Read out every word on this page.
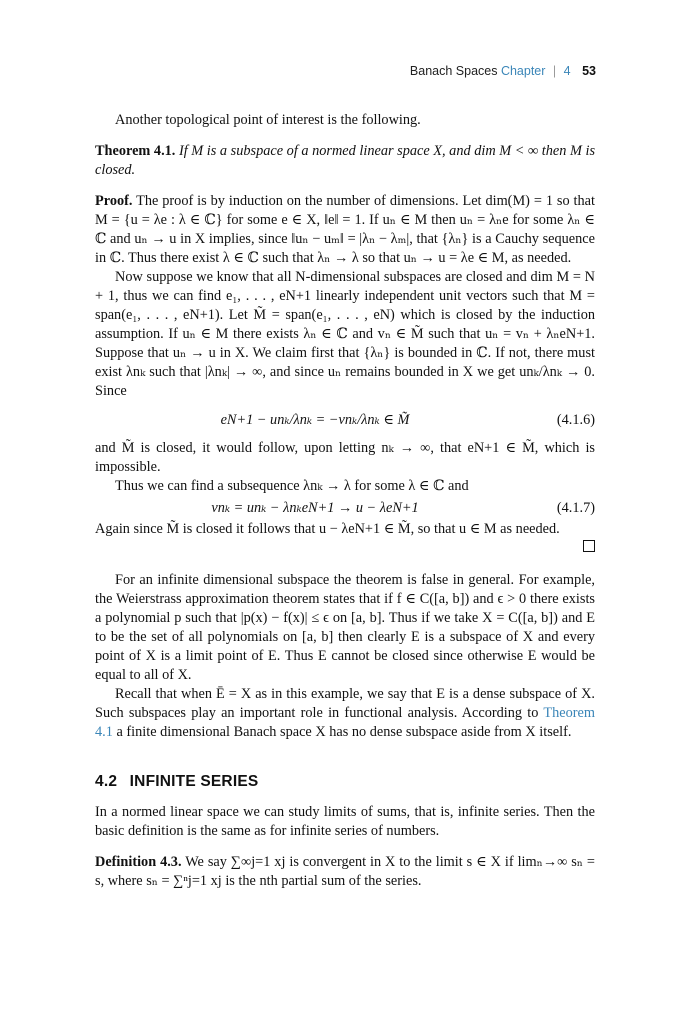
Banach Spaces Chapter | 4 53

Another topological point of interest is the following.

Theorem 4.1. If M is a subspace of a normed linear space X, and dim M < ∞ then M is closed.

Proof. The proof is by induction on the number of dimensions. Let dim(M) = 1 so that M = {u = λe : λ ∈ ℂ} for some e ∈ X, ‖e‖ = 1. If uₙ ∈ M then uₙ = λₙe for some λₙ ∈ ℂ and uₙ → u in X implies, since ‖uₙ − uₘ‖ = |λₙ − λₘ|, that {λₙ} is a Cauchy sequence in ℂ. Thus there exist λ ∈ ℂ such that λₙ → λ so that uₙ → u = λe ∈ M, as needed.

Now suppose we know that all N-dimensional subspaces are closed and dim M = N + 1, thus we can find e₁, . . . , eN+1 linearly independent unit vectors such that M = span(e₁, . . . , eN+1). Let M̃ = span(e₁, . . . , eN) which is closed by the induction assumption. If uₙ ∈ M there exists λₙ ∈ ℂ and vₙ ∈ M̃ such that uₙ = vₙ + λₙeN+1. Suppose that uₙ → u in X. We claim first that {λₙ} is bounded in ℂ. If not, there must exist λnₖ such that |λnₖ| → ∞, and since uₙ remains bounded in X we get unₖ/λnₖ → 0. Since

eN+1 − unₖ/λnₖ = −vnₖ/λnₖ ∈ M̃	(4.1.6)

and M̃ is closed, it would follow, upon letting nₖ → ∞, that eN+1 ∈ M̃, which is impossible.

Thus we can find a subsequence λnₖ → λ for some λ ∈ ℂ and

vnₖ = unₖ − λnₖeN+1 → u − λeN+1	(4.1.7)

Again since M̃ is closed it follows that u − λeN+1 ∈ M̃, so that u ∈ M as needed.

For an infinite dimensional subspace the theorem is false in general. For example, the Weierstrass approximation theorem states that if f ∈ C([a, b]) and ϵ > 0 there exists a polynomial p such that |p(x) − f(x)| ≤ ϵ on [a, b]. Thus if we take X = C([a, b]) and E to be the set of all polynomials on [a, b] then clearly E is a subspace of X and every point of X is a limit point of E. Thus E cannot be closed since otherwise E would be equal to all of X.

Recall that when Ē = X as in this example, we say that E is a dense subspace of X. Such subspaces play an important role in functional analysis. According to Theorem 4.1 a finite dimensional Banach space X has no dense subspace aside from X itself.

4.2 INFINITE SERIES

In a normed linear space we can study limits of sums, that is, infinite series. Then the basic definition is the same as for infinite series of numbers.

Definition 4.3. We say ∑∞j=1 xj is convergent in X to the limit s ∈ X if limₙ→∞ sₙ = s, where sₙ = ∑ⁿj=1 xj is the nth partial sum of the series.
